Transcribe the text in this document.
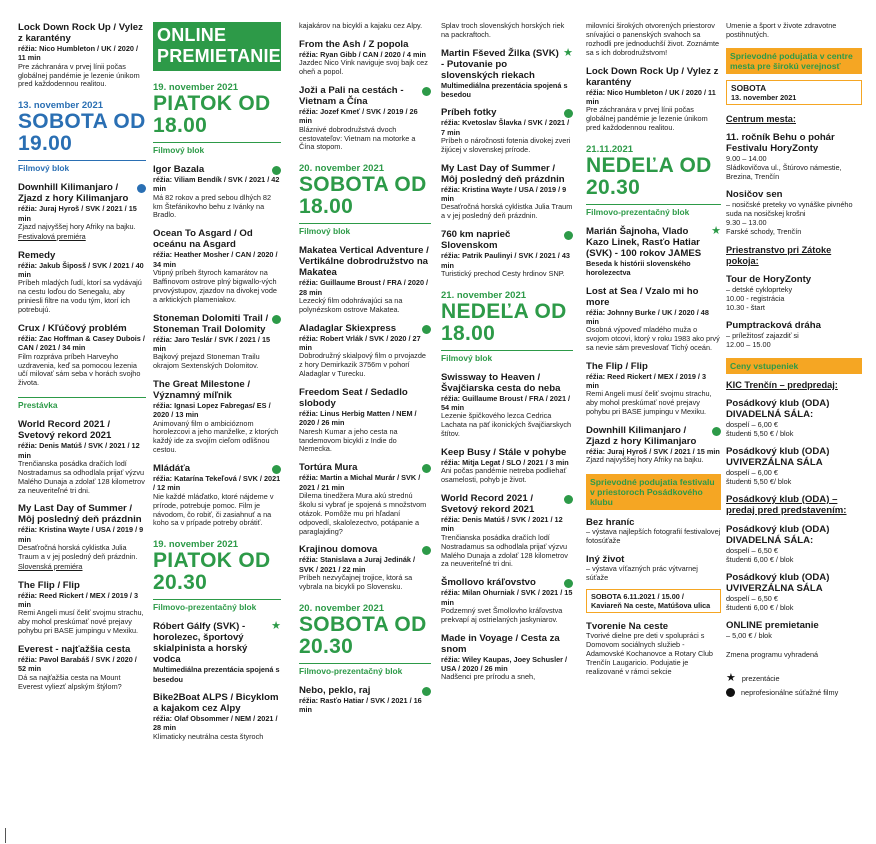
Lock Down Rock Up / Vylez z karantény
réžia: Nico Humbleton / UK / 2020 / 11 min
Pre záchranára v prvej línii počas globálnej pandémie je lezenie únikom pred každodennou realitou.
13. november 2021
SOBOTA OD 19.00
Filmový blok
Downhill Kilimanjaro / Zjazd z hory Kilimanjaro
réžia: Juraj Hyroš / SVK / 2021 / 15 min
Zjazd najvyššej hory Afriky na bajku.
Festivalová premiéra
Remedy
réžia: Jakub Šiposš / SVK / 2021 / 40 min
Príbeh mladých ľudí, ktorí sa vydávajú na cestu loďou do Senegalu, aby priniesli filtre na vodu tým, ktorí ich potrebujú.
Crux / Kľúčový problém
réžia: Zac Hoffman & Casey Dubois / CAN / 2021 / 34 min
Film rozpráva príbeh Harveyho uzdravenia, keď sa pomocou lezenia učí milovať sám seba v horách svojho života.
Prestávka
World Record 2021 / Svetový rekord 2021
réžia: Denis Matúš / SVK / 2021 / 12 min
Trenčianska posádka dračích lodí Nostradamus sa odhodlala prijať výzvu Malého Dunaja a zdolať 128 kilometrov za neuveriteľné tri dni.
My Last Day of Summer / Môj posledný deň prázdnin
réžia: Kristina Wayte / USA / 2019 / 9 min
Desaťročná horská cyklistka Julia Traum a v jej posledný deň prázdnin.
Slovenská premiéra
The Flip / Flip
réžia: Reed Rickert / MEX / 2019 / 3 min
Remi Angeli musí čeliť svojmu strachu, aby mohol preskúmať nové prejavy pohybu pri BASE jumpingu v Mexiku.
Everest - najťažšia cesta
réžia: Pavol Barabáš / SVK / 2020 / 52 min
Dá sa najťažšia cesta na Mount Everest vyliezť alpským štýlom?
ONLINE PREMIETANIE
19. november 2021
PIATOK OD 18.00
Filmový blok
Igor Bazala
réžia: Viliam Bendík / SVK / 2021 / 42 min
Má 82 rokov a pred sebou dlhých 82 km Štefánikovho behu z Ivánky na Bradlo.
Ocean To Asgard / Od oceánu na Asgard
réžia: Heather Mosher / CAN / 2020 / 34 min
Vtipný príbeh štyroch kamarátov na Baffinovom ostrove plný bigwallo-vých prvovýstupov, zjazdov na divokej vode a arktických plameniakov.
Stoneman Dolomiti Trail / Stoneman Trail Dolomity
réžia: Jaro Teslár / SVK / 2021 / 15 min
Bajkový prejazd Stoneman Trailu okrajom Sextenských Dolomitov.
The Great Milestone / Významný míľnik
réžia: Ignasi Lopez Fabregas/ ES / 2020 / 13 min
Animovaný film o ambicióznom horolezcovi a jeho manželke, z ktorých každý ide za svojím cieľom odlišnou cestou.
Mládáťa
réžia: Katarína Tekeľová / SVK / 2021 / 12 min
Nie každé mláďatko, ktoré nájdeme v prírode, potrebuje pomoc. Film je návodom, čo robiť, či zasiahnuť a na koho sa v prípade potreby obrátiť.
19. november 2021
PIATOK OD 20.30
Filmovo-prezentačný blok
Róbert Gálfy (SVK) - horolezec, športový skialpinista a horský vodca
★
Multimediálna prezentácia spojená s besedou
Bike2Boat ALPS / Bicyklom a kajakom cez Alpy
réžia: Olaf Obsommer / NEM / 2021 / 28 min
Klimaticky neutrálna cesta štyroch
kajakárov na bicykli a kajaku cez Alpy.
From the Ash / Z popola
réžia: Ryan Gibb / CAN / 2020 / 4 min
Jazdec Nico Vink naviguje svoj bajk cez oheň a popol.
Joži a Pali na cestách - Vietnam a Čína
réžia: Jozef Kmeť / SVK / 2019 / 26 min
Bláznivé dobrodružstvá dvoch cestovateľov: Vietnam na motorke a Čína stopom.
20. november 2021
SOBOTA OD 18.00
Filmový blok
Makatea Vertical Adventure / Vertikálne dobrodružstvo na Makatea
réžia: Guillaume Broust / FRA / 2020 / 28 min
Lezecký film odohrávajúci sa na polynézskom ostrove Makatea.
Aladaglar Skiexpress
réžia: Robert Vrlák / SVK / 2020 / 27 min
Dobrodružný skialpový film o prvojazde z hory Demirkazik 3756m v pohorí Aladaglar v Turecku.
Freedom Seat / Sedadlo slobody
réžia: Linus Herbig Matten / NEM / 2020 / 26 min
Naresh Kumar a jeho cesta na tandemovom bicykli z Indie do Nemecka.
Tortúra Mura
réžia: Martin a Michal Murár / SVK / 2021 / 21 min
Dilema tinedžera Mura akú strednú školu si vybrať je spojená s množstvom otázok. Pomôže mu pri hľadaní odpovedí, skalolezectvo, potápanie a paraglajding?
Krajinou domova
réžia: Stanislava a Juraj Jedinák / SVK / 2021 / 22 min
Príbeh nezvyčajnej trojice, ktorá sa vybrala na bicykli po Slovensku.
20. november 2021
SOBOTA OD 20.30
Filmovo-prezentačný blok
Nebo, peklo, raj
réžia: Rasťo Hatiar / SVK / 2021 / 16 min
Splav troch slovenských horských riek na packraftoch.
Martin Fševed Žilka (SVK) - Putovanie po slovenských riekach
★
Multimediálna prezentácia spojená s besedou
Príbeh fotky
réžia: Kvetoslav Šlavka / SVK / 2021 / 7 min
Príbeh o náročnosti fotenia divokej zveri žijúcej v slovenskej prírode.
My Last Day of Summer / Môj posledný deň prázdnin
réžia: Kristina Wayte / USA / 2019 / 9 min
Desaťročná horská cyklistka Julia Traum a v jej posledný deň prázdnin.
760 km naprieč Slovenskom
réžia: Patrik Paulinyi / SVK / 2021 / 43 min
Turistický prechod Cesty hrdinov SNP.
21. november 2021
NEDEĽA OD 18.00
Filmový blok
Swissway to Heaven / Švajčiarska cesta do neba
réžia: Guillaume Broust / FRA / 2021 / 54 min
Lezenie špičkového lezca Cedrica Lachata na päť ikonických švajčiarskych štítov.
Keep Busy / Stále v pohybe
réžia: Mitja Legat / SLO / 2021 / 3 min
Ani počas pandémie netreba podliehať osamelosti, pohyb je život.
World Record 2021 / Svetový rekord 2021
réžia: Denis Matúš / SVK / 2021 / 12 min
Trenčianska posádka dračích lodí Nostradamus sa odhodlala prijať výzvu Malého Dunaja a zdolať 128 kilometrov za neuveriteľné tri dni.
Šmollovo kráľovstvo
réžia: Milan Ohurniak / SVK / 2021 / 15 min
Podzemný svet Šmollovho kráľovstva prekvapí aj ostrielaných jaskyniarov.
Made in Voyage / Cesta za snom
réžia: Wiley Kaupas, Joey Schusler / USA / 2020 / 26 min
Nadšenci pre prírodu a sneh,
milovníci širokých otvorených priestorov snívajúci o panenských svahoch sa rozhodli pre jednoduchší život. Zoznámte sa s ich dobrodružstvom!
Lock Down Rock Up / Vylez z karantény
réžia: Nico Humbleton / UK / 2020 / 11 min
Pre záchranára v prvej línii počas globálnej pandémie je lezenie únikom pred každodennou realitou.
21.11.2021
NEDEĽA OD 20.30
Filmovo-prezentačný blok
Marián Šajnoha, Vlado Kazo Linek, Rasťo Hatiar (SVK) - 100 rokov JAMES
★
Beseda k histórii slovenského horolezectva
Lost at Sea / Vzalo mi ho more
réžia: Johnny Burke / UK / 2020 / 48 min
Osobná výpoveď mladého muža o svojom otcovi, ktorý v roku 1983 ako prvý sa nevie sám preveslovať Tichý oceán.
The Flip / Flip
réžia: Reed Rickert / MEX / 2019 / 3 min
Remi Angeli musí čeliť svojmu strachu, aby mohol preskúmať nové prejavy pohybu pri BASE jumpingu v Mexiku.
Downhill Kilimanjaro / Zjazd z hory Kilimanjaro
réžia: Juraj Hyroš / SVK / 2021 / 15 min
Zjazd najvyššej hory Afriky na bajku.
Sprievodné podujatia festivalu v priestoroch Posádkového klubu
Bez hraníc
– výstava najlepších fotografií festivalovej fotosúťaže
Iný život
– výstava víťazných prác výtvarnej súťaže
SOBOTA 6.11.2021 / 15.00 / Kaviareň Na ceste, Matúšova ulica
Tvorenie Na ceste
Tvorivé dielne pre deti v spolupráci s Domovom sociálnych služieb - Adamovské Kochanovce a Rotary Club Trenčín Laugaricio. Podujatie je realizované v rámci sekcie
Umenie a šport v živote zdravotne postihnutých.
Sprievodné podujatia v centre mesta pre širokú verejnosť
SOBOTA
13. november 2021
Centrum mesta:
11. ročník Behu o pohár Festivalu HoryZonty
9.00 – 14.00
Sládkovičova ul., Štúrovo námestie, Brezina, Trenčín
Nosičov sen
– nosičské preteky vo vynáške pivného suda na nosičskej krošni
9.30 – 13.00
Farské schody, Trenčín
Priestranstvo pri Zátoke pokoja:
Tour de HoryZonty
– detské cykloprteky
10.00 - registrácia
10.30 - štart
Pumptracková dráha
– príležitosť zajazdiť si
12.00 – 15.00
Ceny vstupeniek
KIC Trenčín – predpredaj:
Posádkový klub (ODA) DIVADELNÁ SÁLA:
dospelí – 6,00 €
študenti 5,50 € / blok
Posádkový klub (ODA) UVIVERZÁLNA SÁLA
dospelí – 6,00 €
študenti 5,50 €/ blok
Posádkový klub (ODA) – predaj pred predstavením:
Posádkový klub (ODA) DIVADELNÁ SÁLA:
dospelí – 6,50 €
študenti 6,00 € / blok
Posádkový klub (ODA) UVIVERZÁLNA SÁLA
dospelí – 6,50 €
študenti 6,00 € / blok
ONLINE premietanie
– 5,00 € / blok
Zmena programu vyhradená
★ prezentácie
neprofesionálne súťažné filmy
